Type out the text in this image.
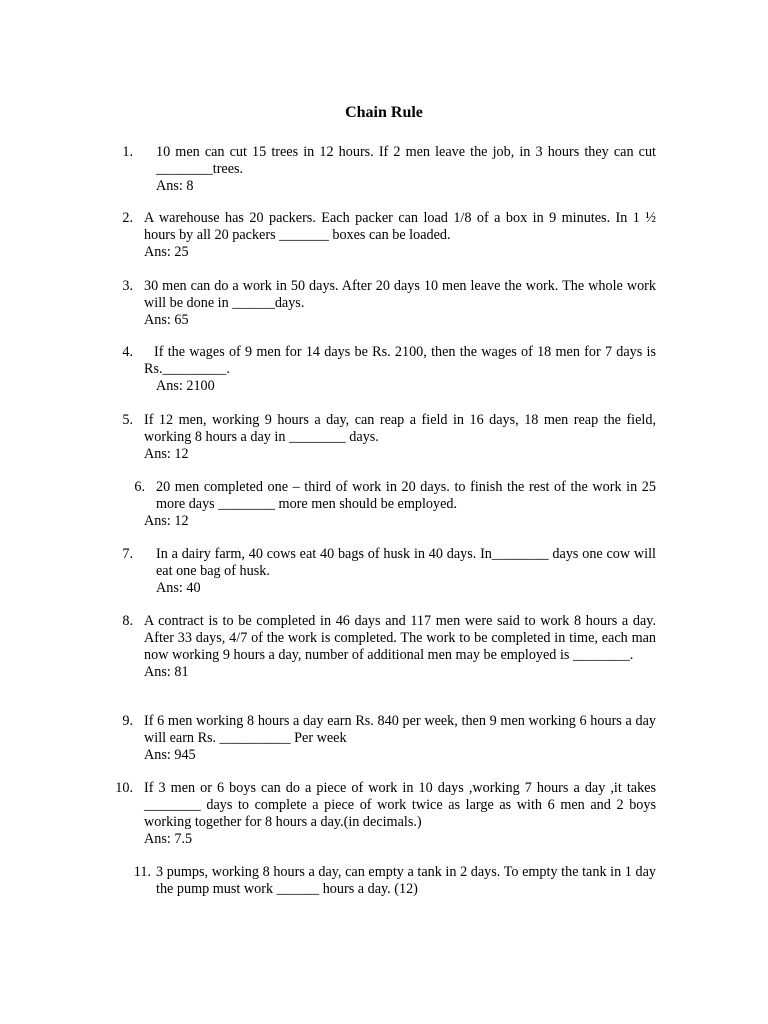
Chain Rule
1. 10 men can cut 15 trees in 12 hours. If 2 men leave the job, in 3 hours they can cut ________trees.
Ans: 8
2. A warehouse has 20 packers. Each packer can load 1/8 of a box in 9 minutes. In 1 ½ hours by all 20 packers _______ boxes can be loaded.
Ans: 25
3. 30 men can do a work in 50 days. After 20 days 10 men leave the work. The whole work will be done in ______days.
Ans: 65
4.	If the wages of 9 men for 14 days be Rs. 2100, then the wages of 18 men for 7 days is Rs._________.
Ans: 2100
5. If 12 men, working 9 hours a day, can reap a field in 16 days, 18 men reap the field, working 8 hours a day in ________ days.
Ans: 12
6. 20 men completed one – third of work in 20 days. to finish the rest of the work in 25 more days ________ more men should be employed.
Ans: 12
7. In a dairy farm, 40 cows eat 40 bags of husk in 40 days. In________ days one cow will eat one bag of husk.
Ans: 40
8. A contract is to be completed in 46 days and 117 men were said to work 8 hours a day. After 33 days, 4/7 of the work is completed. The work to be completed in time, each man now working 9 hours a day, number of additional men may be employed is ________.
Ans: 81
9. If 6 men working 8 hours a day earn Rs. 840 per week, then 9 men working 6 hours a day will earn Rs. __________ Per week
Ans: 945
10. If 3 men or 6 boys can do a piece of work in 10 days ,working 7 hours a day ,it takes ________ days to complete a piece of work twice as large as with 6 men and 2 boys working together for 8 hours a day.(in decimals.)
Ans: 7.5
11. 3 pumps, working 8 hours a day, can empty a tank in 2 days. To empty the tank in 1 day the pump must work ______ hours a day. (12)
